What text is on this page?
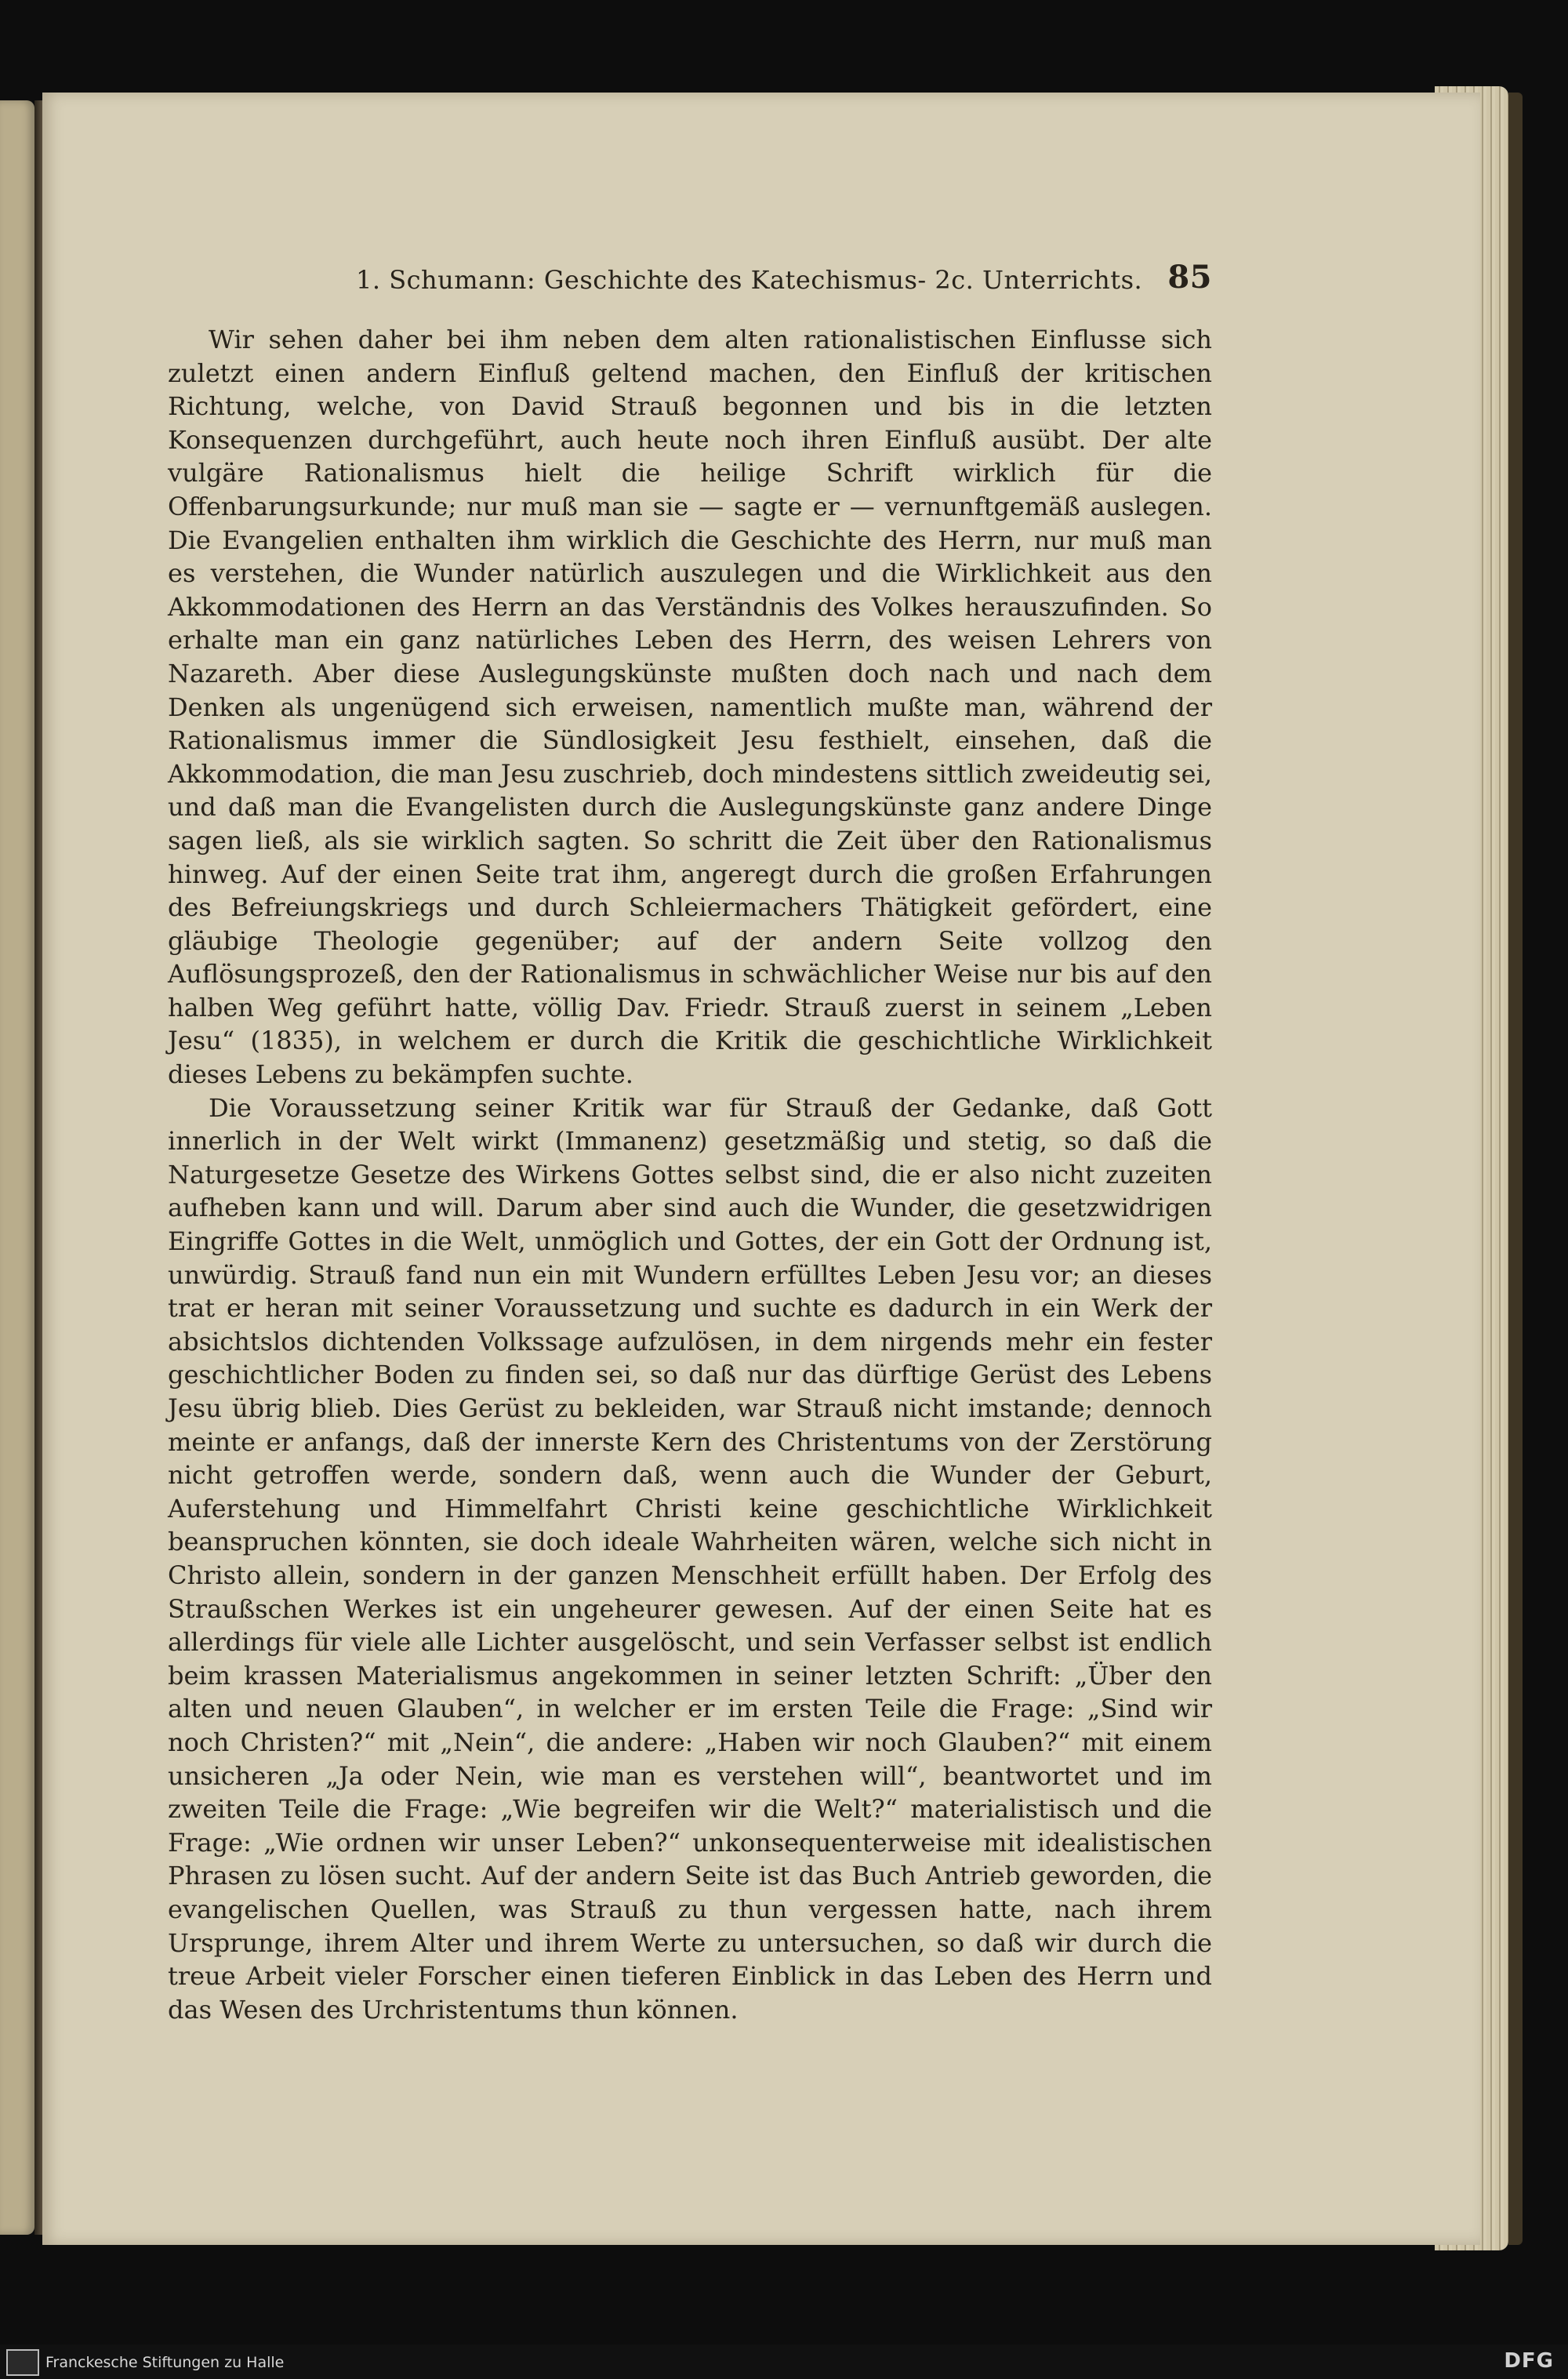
1. Schumann: Geschichte des Katechismus- 2c. Unterrichts. 85

Wir sehen daher bei ihm neben dem alten rationalistischen Einflusse sich zuletzt einen andern Einfluß geltend machen, den Einfluß der kritischen Richtung, welche, von David Strauß begonnen und bis in die letzten Konsequenzen durchgeführt, auch heute noch ihren Einfluß ausübt. Der alte vulgäre Rationalismus hielt die heilige Schrift wirklich für die Offenbarungsurkunde; nur muß man sie — sagte er — vernunftgemäß auslegen. Die Evangelien enthalten ihm wirklich die Geschichte des Herrn, nur muß man es verstehen, die Wunder natürlich auszulegen und die Wirklichkeit aus den Akkommodationen des Herrn an das Verständnis des Volkes herauszufinden. So erhalte man ein ganz natürliches Leben des Herrn, des weisen Lehrers von Nazareth. Aber diese Auslegungskünste mußten doch nach und nach dem Denken als ungenügend sich erweisen, namentlich mußte man, während der Rationalismus immer die Sündlosigkeit Jesu festhielt, einsehen, daß die Akkommodation, die man Jesu zuschrieb, doch mindestens sittlich zweideutig sei, und daß man die Evangelisten durch die Auslegungskünste ganz andere Dinge sagen ließ, als sie wirklich sagten. So schritt die Zeit über den Rationalismus hinweg. Auf der einen Seite trat ihm, angeregt durch die großen Erfahrungen des Befreiungskriegs und durch Schleiermachers Thätigkeit gefördert, eine gläubige Theologie gegenüber; auf der andern Seite vollzog den Auflösungsprozeß, den der Rationalismus in schwächlicher Weise nur bis auf den halben Weg geführt hatte, völlig Dav. Friedr. Strauß zuerst in seinem „Leben Jesu“ (1835), in welchem er durch die Kritik die geschichtliche Wirklichkeit dieses Lebens zu bekämpfen suchte.

Die Voraussetzung seiner Kritik war für Strauß der Gedanke, daß Gott innerlich in der Welt wirkt (Immanenz) gesetzmäßig und stetig, so daß die Naturgesetze Gesetze des Wirkens Gottes selbst sind, die er also nicht zuzeiten aufheben kann und will. Darum aber sind auch die Wunder, die gesetzwidrigen Eingriffe Gottes in die Welt, unmöglich und Gottes, der ein Gott der Ordnung ist, unwürdig. Strauß fand nun ein mit Wundern erfülltes Leben Jesu vor; an dieses trat er heran mit seiner Voraussetzung und suchte es dadurch in ein Werk der absichtslos dichtenden Volkssage aufzulösen, in dem nirgends mehr ein fester geschichtlicher Boden zu finden sei, so daß nur das dürftige Gerüst des Lebens Jesu übrig blieb. Dies Gerüst zu bekleiden, war Strauß nicht imstande; dennoch meinte er anfangs, daß der innerste Kern des Christentums von der Zerstörung nicht getroffen werde, sondern daß, wenn auch die Wunder der Geburt, Auferstehung und Himmelfahrt Christi keine geschichtliche Wirklichkeit beanspruchen könnten, sie doch ideale Wahrheiten wären, welche sich nicht in Christo allein, sondern in der ganzen Menschheit erfüllt haben. Der Erfolg des Straußschen Werkes ist ein ungeheurer gewesen. Auf der einen Seite hat es allerdings für viele alle Lichter ausgelöscht, und sein Verfasser selbst ist endlich beim krassen Materialismus angekommen in seiner letzten Schrift: „Über den alten und neuen Glauben“, in welcher er im ersten Teile die Frage: „Sind wir noch Christen?“ mit „Nein“, die andere: „Haben wir noch Glauben?“ mit einem unsicheren „Ja oder Nein, wie man es verstehen will“, beantwortet und im zweiten Teile die Frage: „Wie begreifen wir die Welt?“ materialistisch und die Frage: „Wie ordnen wir unser Leben?“ unkonsequenterweise mit idealistischen Phrasen zu lösen sucht. Auf der andern Seite ist das Buch Antrieb geworden, die evangelischen Quellen, was Strauß zu thun vergessen hatte, nach ihrem Ursprunge, ihrem Alter und ihrem Werte zu untersuchen, so daß wir durch die treue Arbeit vieler Forscher einen tieferen Einblick in das Leben des Herrn und das Wesen des Urchristentums thun können.

Franckesche Stiftungen zu Halle	DFG
